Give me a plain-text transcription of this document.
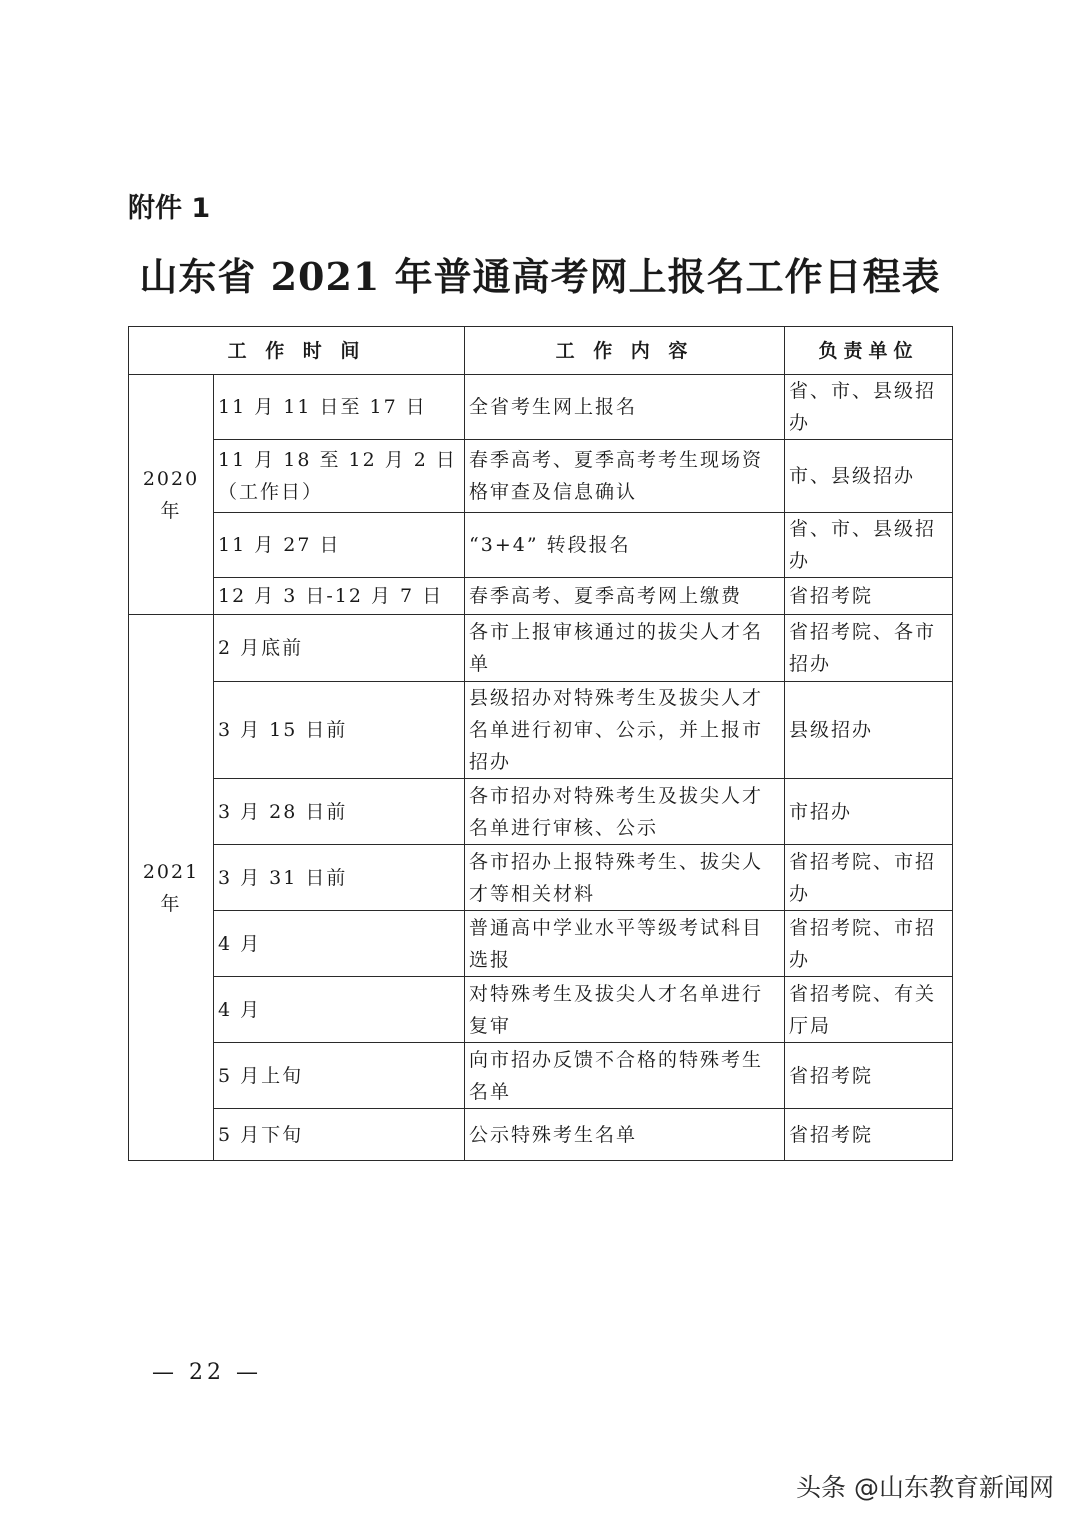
附件 1
山东省 2021 年普通高考网上报名工作日程表
工 作 时 间		工 作 内 容	负责单位
2020 年	11 月 11 日至 17 日	全省考生网上报名	省、市、县级招办
	11 月 18 至 12 月 2 日（工作日）	春季高考、夏季高考考生现场资格审查及信息确认	市、县级招办
	11 月 27 日	“3+4” 转段报名	省、市、县级招办
	12 月 3 日-12 月 7 日	春季高考、夏季高考网上缴费	省招考院
2021 年	2 月底前	各市上报审核通过的拔尖人才名单	省招考院、各市招办
	3 月 15 日前	县级招办对特殊考生及拔尖人才名单进行初审、公示，并上报市招办	县级招办
	3 月 28 日前	各市招办对特殊考生及拔尖人才名单进行审核、公示	市招办
	3 月 31 日前	各市招办上报特殊考生、拔尖人才等相关材料	省招考院、市招办
	4 月	普通高中学业水平等级考试科目选报	省招考院、市招办
	4 月	对特殊考生及拔尖人才名单进行复审	省招考院、有关厅局
	5 月上旬	向市招办反馈不合格的特殊考生名单	省招考院
	5 月下旬	公示特殊考生名单	省招考院
— 22 —
头条 @山东教育新闻网
